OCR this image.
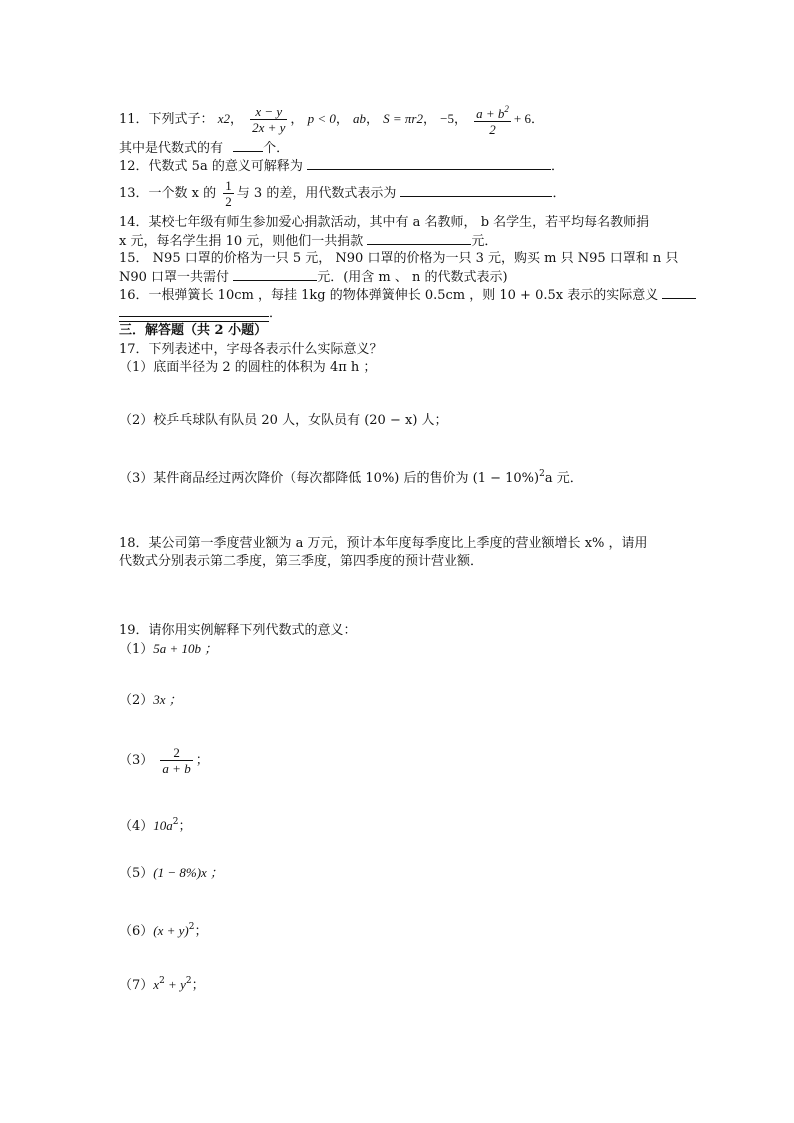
11．下列式子： x2， $\frac{x - y}{2x + y}$ ， p < 0， ab， S = πr2， −5， $\frac{a + b^2}{2} + 6$．
其中是代数式的有	个．
12．代数式 5a 的意义可解释为	．
13．一个数 x 的 $\frac{1}{2}$ 与 3 的差，用代数式表示为	．
14．某校七年级有师生参加爱心捐款活动，其中有 a 名教师， b 名学生，若平均每名教师捐
x 元，每名学生捐 10 元，则他们一共捐款	元．
15． N95 口罩的价格为一只 5 元， N90 口罩的价格为一只 3 元，购买 m 只 N95 口罩和 n 只
N90 口罩一共需付	元．(用含 m 、 n 的代数式表示)
16．一根弹簧长 10cm ，每挂 1kg 的物体弹簧伸长 0.5cm ，则 10 + 0.5x 表示的实际意义
．
三．解答题（共 2 小题）
17．下列表述中，字母各表示什么实际意义？
（1）底面半径为 2 的圆柱的体积为 4π h ；
（2）校乒乓球队有队员 20 人，女队员有 (20 − x) 人；
（3）某件商品经过两次降价（每次都降低 10%) 后的售价为 $(1 - 10\%)^2a$ 元．
18．某公司第一季度营业额为 a 万元，预计本年度每季度比上季度的营业额增长 x% ，请用
代数式分别表示第二季度，第三季度，第四季度的预计营业额．
19．请你用实例解释下列代数式的意义：
（1）5a + 10b ；
（2）3x ；
$(3) \frac{2}{a + b}$ ；
$(4)10a^2$；
（5）(1 − 8%)x ；
$(6)(x + y)^2$；
$(7)x^2 + y^2$；
